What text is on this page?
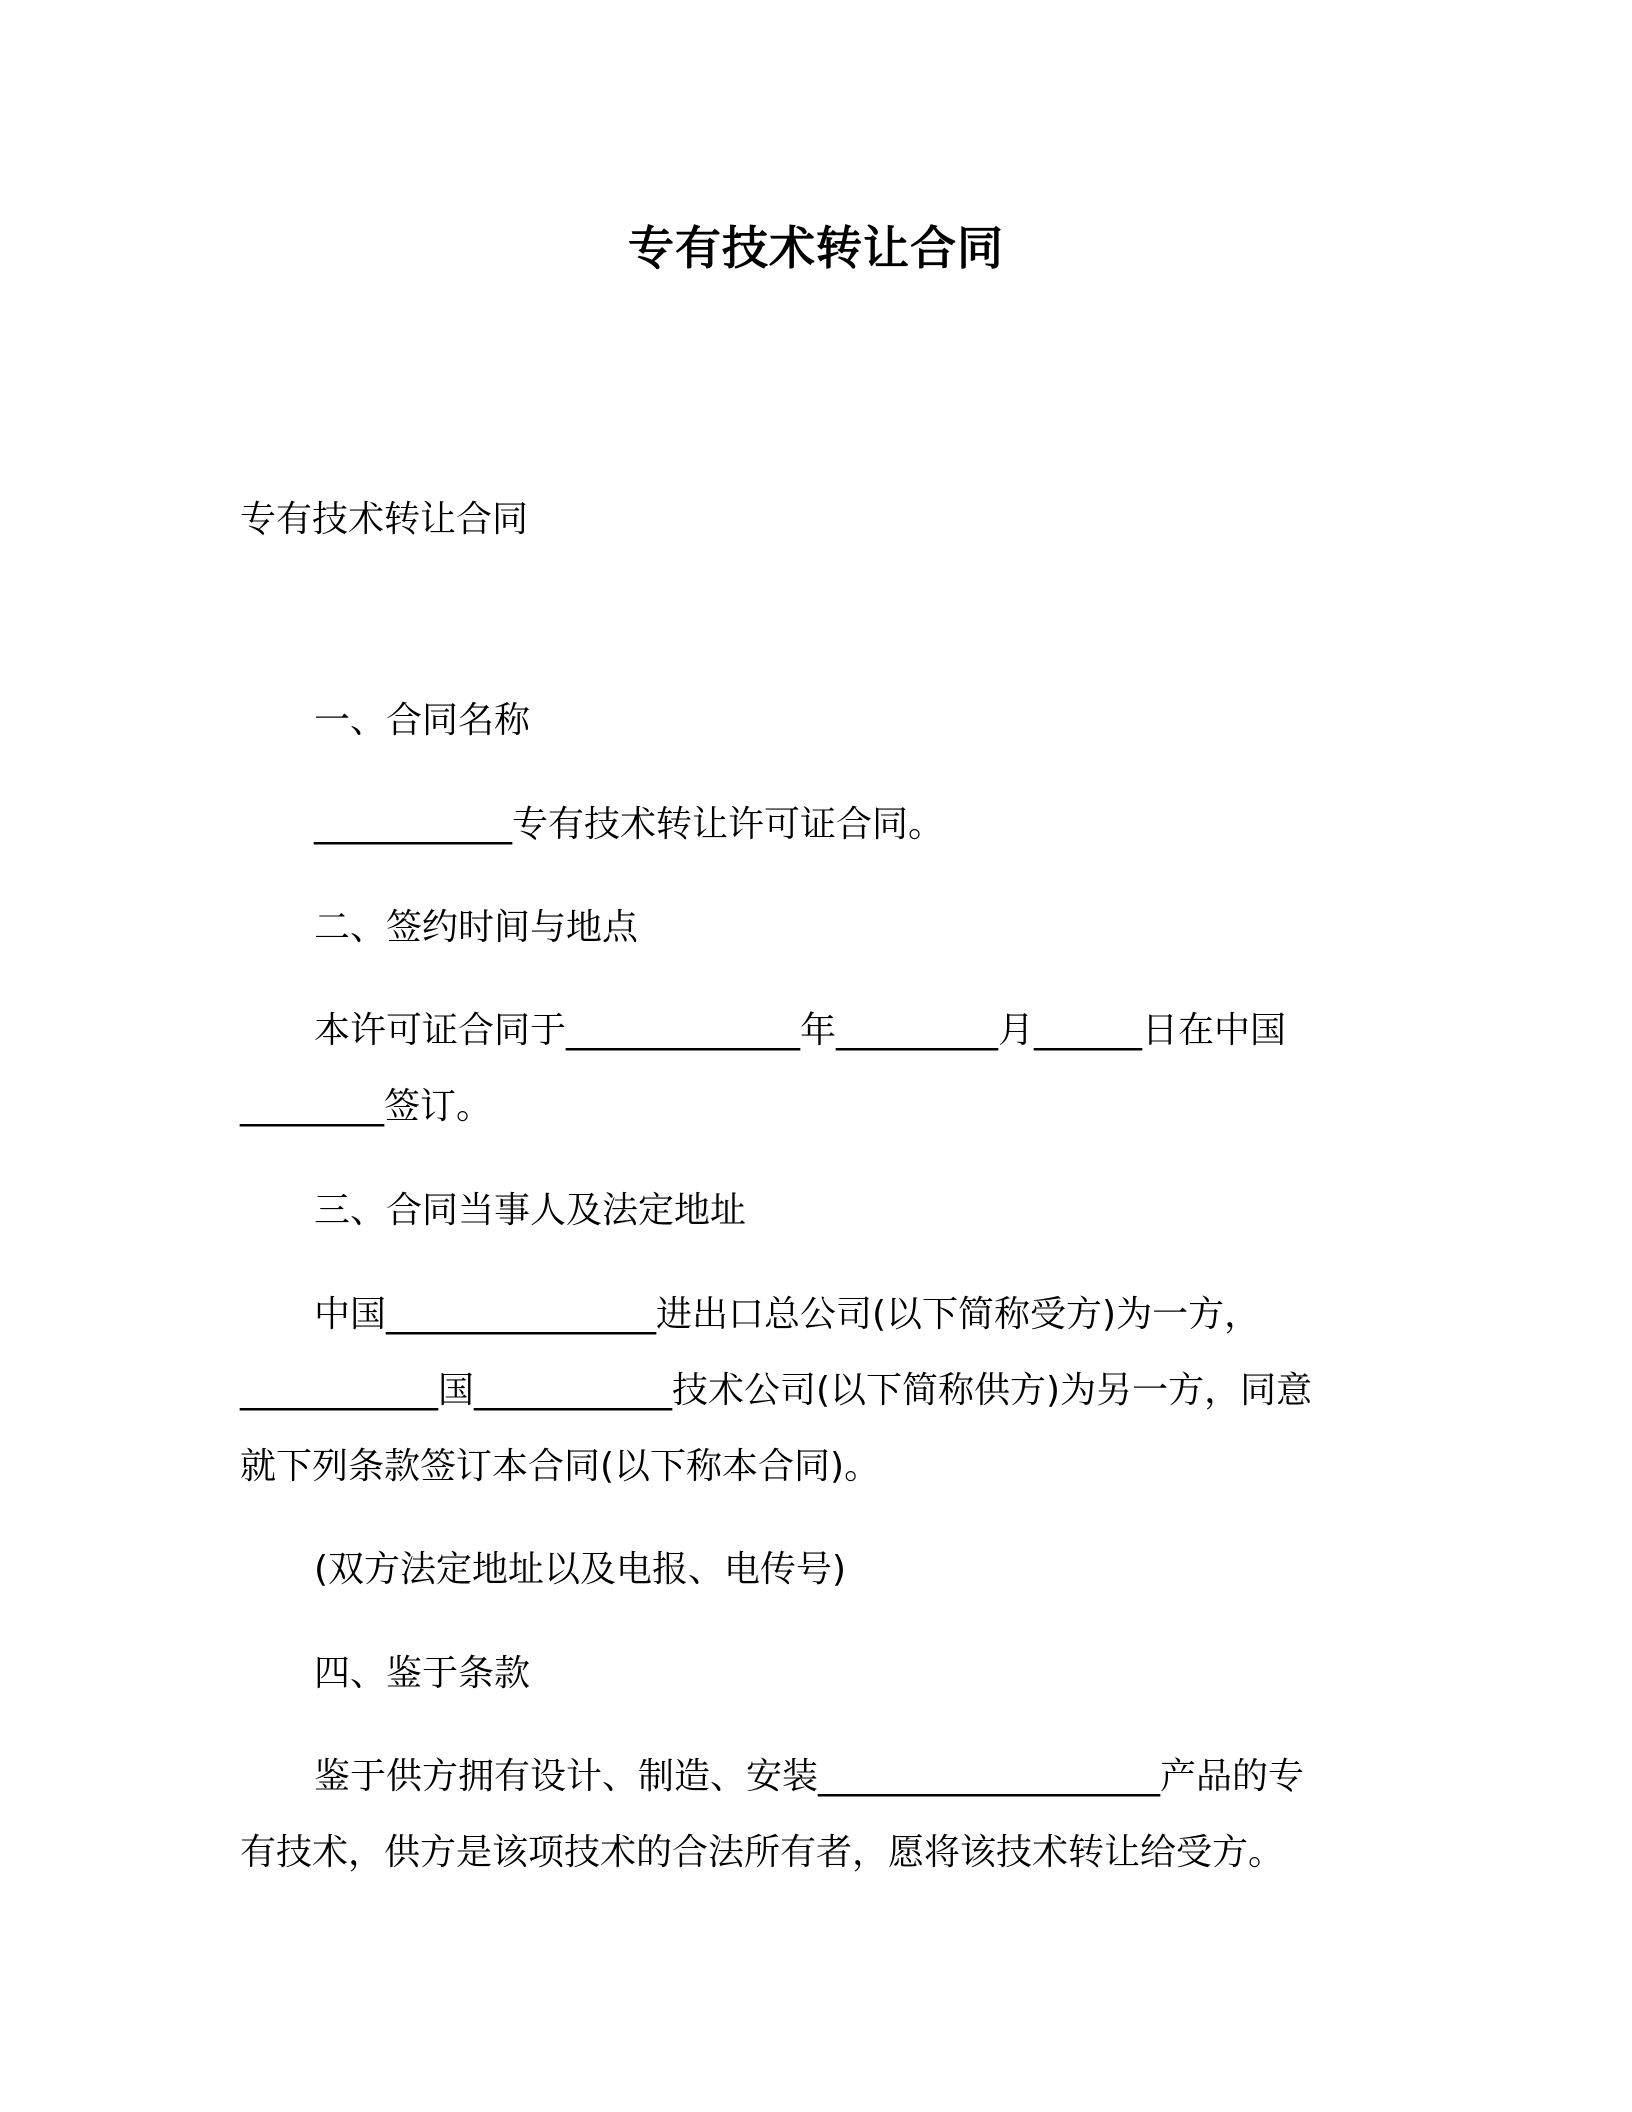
专有技术转让合同
专有技术转让合同
一、合同名称
___________专有技术转让许可证合同。
二、签约时间与地点
本许可证合同于_____________年_________月______日在中国
________签订。
三、合同当事人及法定地址
中国_______________进出口总公司(以下简称受方)为一方，
___________国___________技术公司(以下简称供方)为另一方，同意
就下列条款签订本合同(以下称本合同)。
(双方法定地址以及电报、电传号)
四、鉴于条款
鉴于供方拥有设计、制造、安装___________________产品的专
有技术，供方是该项技术的合法所有者，愿将该技术转让给受方。
